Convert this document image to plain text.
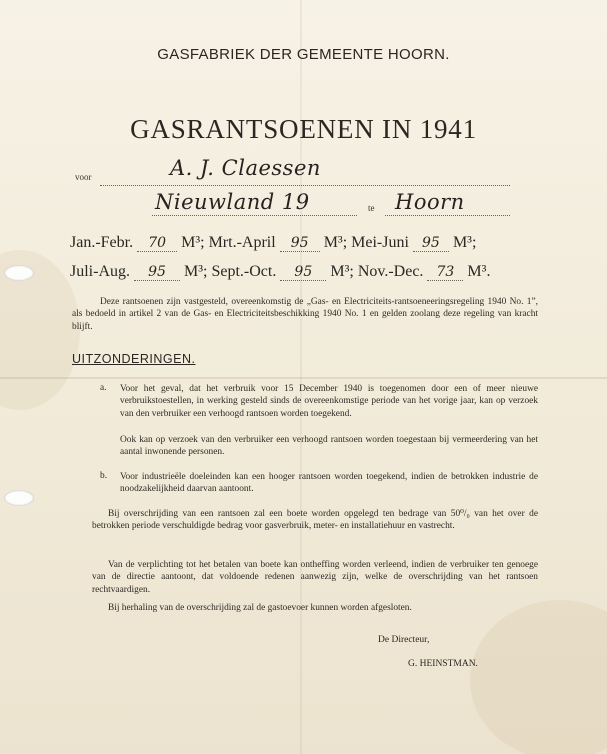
GASFABRIEK DER GEMEENTE HOORN.
GASRANTSOENEN IN 1941
voor	A. J. Claessen
Nieuwland 19	te Hoorn
Jan.-Febr. 70 M³; Mrt.-April 95 M³; Mei-Juni 95 M³;
Juli-Aug. 95 M³; Sept.-Oct. 95 M³; Nov.-Dec. 73 M³.
Deze rantsoenen zijn vastgesteld, overeenkomstig de „Gas- en Electriciteits-rantsoeneeringsregeling 1940 No. 1”, als bedoeld in artikel 2 van de Gas- en Electriciteitsbeschikking 1940 No. 1 en gelden zoolang deze regeling van kracht blijft.
UITZONDERINGEN.
a. Voor het geval, dat het verbruik voor 15 December 1940 is toegenomen door een of meer nieuwe verbruikstoestellen, in werking gesteld sinds de overeenkomstige periode van het vorige jaar, kan op verzoek van den verbruiker een verhoogd rantsoen worden toegekend.
Ook kan op verzoek van den verbruiker een verhoogd rantsoen worden toegestaan bij vermeerdering van het aantal inwonende personen.
b. Voor industrieële doeleinden kan een hooger rantsoen worden toegekend, indien de betrokken industrie de noodzakelijkheid daarvan aantoont.
Bij overschrijding van een rantsoen zal een boete worden opgelegd ten bedrage van 50⁰/₀ van het over de betrokken periode verschuldigde bedrag voor gasverbruik, meter- en installatiehuur en vastrecht.
Van de verplichting tot het betalen van boete kan ontheffing worden verleend, indien de verbruiker ten genoege van de directie aantoont, dat voldoende redenen aanwezig zijn, welke de overschrijding van het rantsoen rechtvaardigen.
Bij herhaling van de overschrijding zal de gastoevoer kunnen worden afgesloten.
De Directeur,
G. HEINSTMAN.
